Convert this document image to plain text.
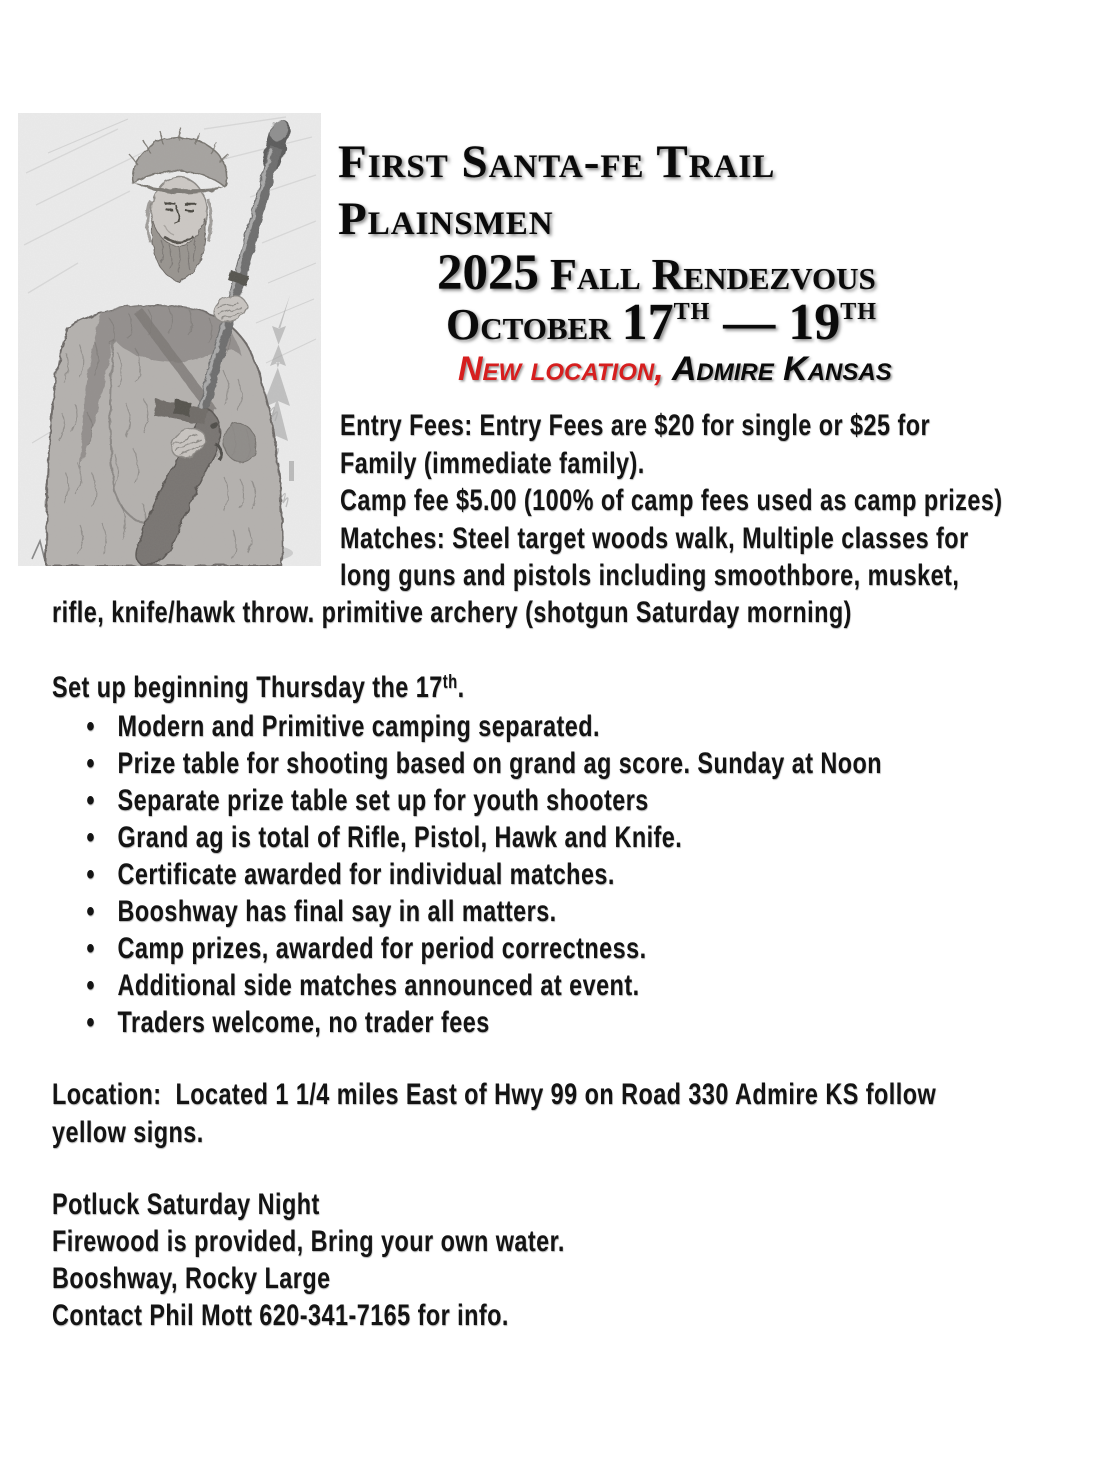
First Santa-fe Trail
Plainsmen
2025 Fall Rendezvous
October 17TH — 19TH
New location, Admire Kansas
Entry Fees: Entry Fees are $20 for single or $25 for
Family (immediate family).
Camp fee $5.00 (100% of camp fees used as camp prizes)
Matches: Steel target woods walk, Multiple classes for
long guns and pistols including smoothbore, musket,
rifle, knife/hawk throw. primitive archery (shotgun Saturday morning)
Set up beginning Thursday the 17th.
• Modern and Primitive camping separated.
• Prize table for shooting based on grand ag score. Sunday at Noon
• Separate prize table set up for youth shooters
• Grand ag is total of Rifle, Pistol, Hawk and Knife.
• Certificate awarded for individual matches.
• Booshway has final say in all matters.
• Camp prizes, awarded for period correctness.
• Additional side matches announced at event.
• Traders welcome, no trader fees
Location:  Located 1 1/4 miles East of Hwy 99 on Road 330 Admire KS follow
yellow signs.
Potluck Saturday Night
Firewood is provided, Bring your own water.
Booshway, Rocky Large
Contact Phil Mott 620-341-7165 for info.
